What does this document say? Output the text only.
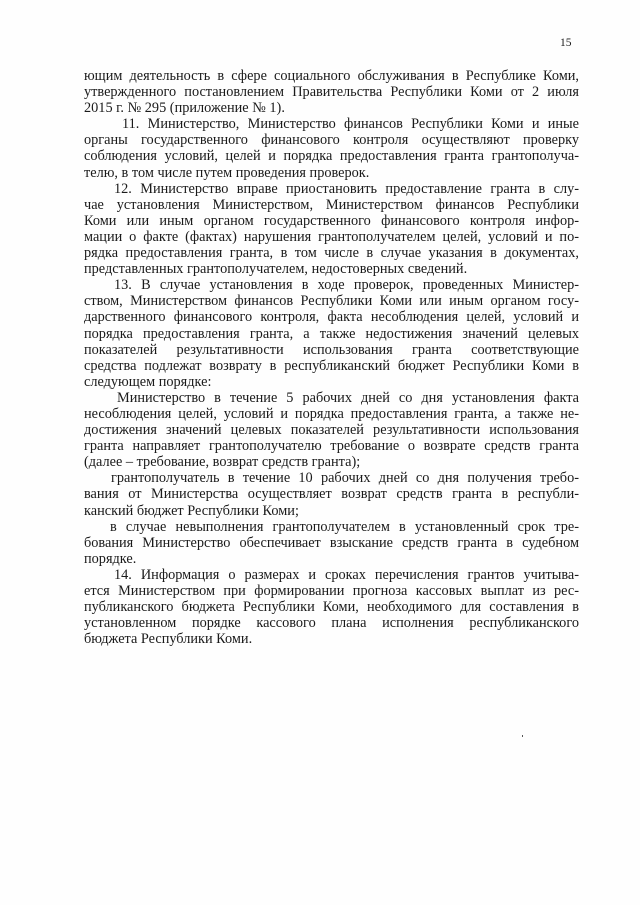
15
ющим деятельность в сфере социального обслуживания в Республике Коми,
утвержденного постановлением Правительства Республики Коми от 2 июля
2015 г. № 295 (приложение № 1).
11. Министерство, Министерство финансов Республики Коми и иные
органы государственного финансового контроля осуществляют проверку
соблюдения условий, целей и порядка предоставления гранта грантополуча-
телю, в том числе путем проведения проверок.
12. Министерство вправе приостановить предоставление гранта в слу-
чае установления Министерством, Министерством финансов Республики
Коми или иным органом государственного финансового контроля инфор-
мации о факте (фактах) нарушения грантополучателем целей, условий и по-
рядка предоставления гранта, в том числе в случае указания в документах,
представленных грантополучателем, недостоверных сведений.
13. В случае установления в ходе проверок, проведенных Министер-
ством, Министерством финансов Республики Коми или иным органом госу-
дарственного финансового контроля, факта несоблюдения целей, условий и
порядка предоставления гранта, а также недостижения значений целевых
показателей результативности использования гранта соответствующие
средства подлежат возврату в республиканский бюджет Республики Коми в
следующем порядке:
Министерство в течение 5 рабочих дней со дня установления факта
несоблюдения целей, условий и порядка предоставления гранта, а также не-
достижения значений целевых показателей результативности использования
гранта направляет грантополучателю требование о возврате средств гранта
(далее – требование, возврат средств гранта);
грантополучатель в течение 10 рабочих дней со дня получения требо-
вания от Министерства осуществляет возврат средств гранта в республи-
канский бюджет Республики Коми;
в случае невыполнения грантополучателем в установленный срок тре-
бования Министерство обеспечивает взыскание средств гранта в судебном
порядке.
14. Информация о размерах и сроках перечисления грантов учитыва-
ется Министерством при формировании прогноза кассовых выплат из рес-
публиканского бюджета Республики Коми, необходимого для составления в
установленном порядке кассового плана исполнения республиканского
бюджета Республики Коми.
